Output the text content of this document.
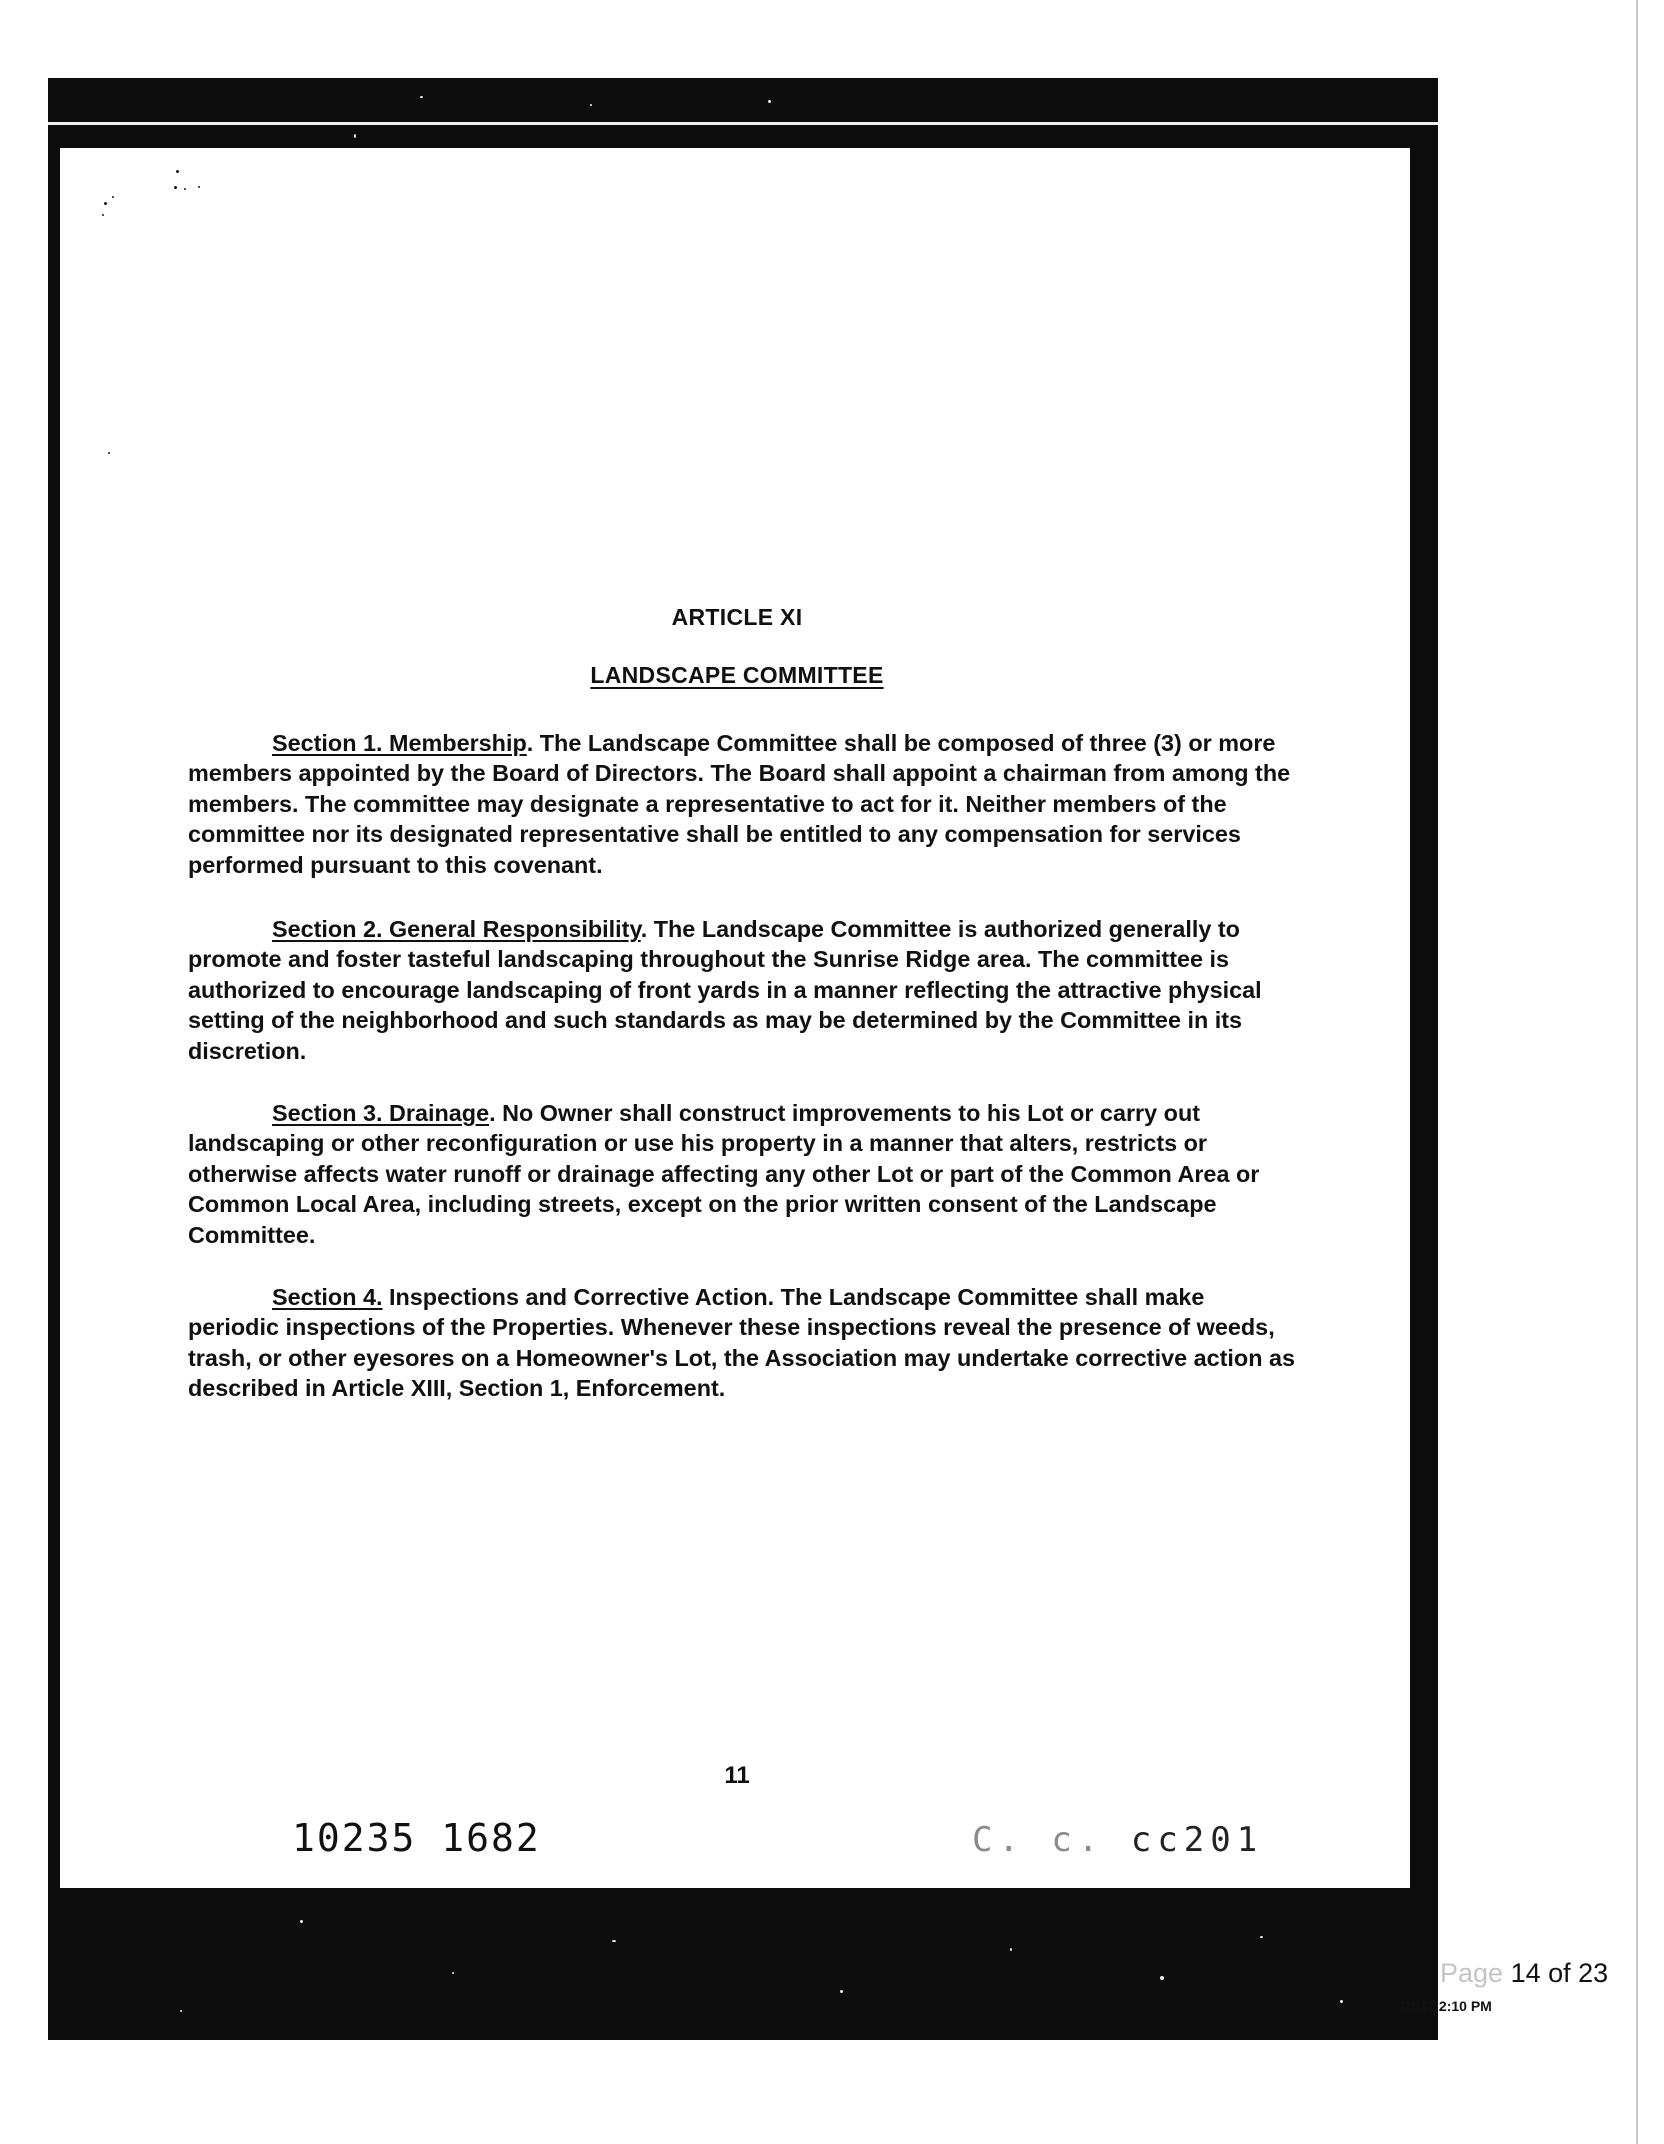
ARTICLE XI
LANDSCAPE COMMITTEE

Section 1. Membership. The Landscape Committee shall be composed of three (3) or more members appointed by the Board of Directors. The Board shall appoint a chairman from among the members. The committee may designate a representative to act for it. Neither members of the committee nor its designated representative shall be entitled to any compensation for services performed pursuant to this covenant.

Section 2. General Responsibility. The Landscape Committee is authorized generally to promote and foster tasteful landscaping throughout the Sunrise Ridge area. The committee is authorized to encourage landscaping of front yards in a manner reflecting the attractive physical setting of the neighborhood and such standards as may be determined by the Committee in its discretion.

Section 3. Drainage. No Owner shall construct improvements to his Lot or carry out landscaping or other reconfiguration or use his property in a manner that alters, restricts or otherwise affects water runoff or drainage affecting any other Lot or part of the Common Area or Common Local Area, including streets, except on the prior written consent of the Landscape Committee.

Section 4. Inspections and Corrective Action. The Landscape Committee shall make periodic inspections of the Properties. Whenever these inspections reveal the presence of weeds, trash, or other eyesores on a Homeowner's Lot, the Association may undertake corrective action as described in Article XIII, Section 1, Enforcement.

11
10235 1682	C. c. cc201
Page 14 of 23
/2017 2:10 PM
